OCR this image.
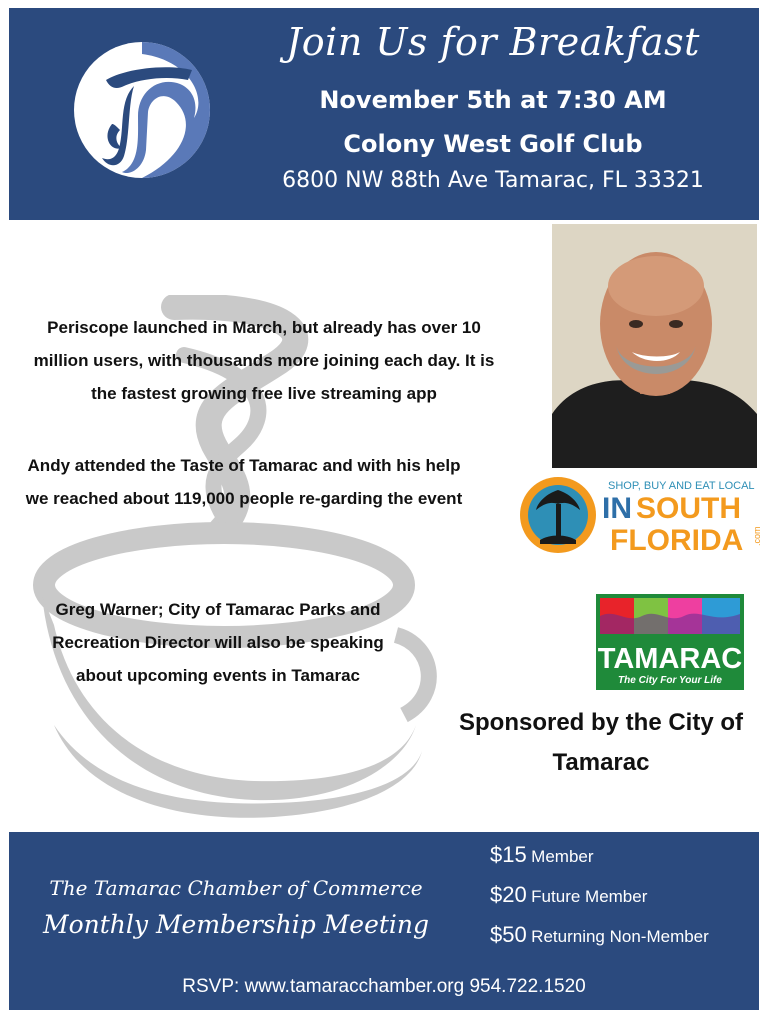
Join Us for Breakfast
November 5th at 7:30 AM
Colony West Golf Club
6800 NW 88th Ave Tamarac, FL 33321
Periscope launched in March, but already has over 10 million users, with thousands more joining each day. It is the fastest growing free live streaming app
Andy attended the Taste of Tamarac and with his help we reached about 119,000 people re-garding the event
Greg Warner; City of Tamarac Parks and Recreation Director will also be speaking about upcoming events in Tamarac
SHOP, BUY AND EAT LOCAL
IN SOUTH
FLORIDA .com
TAMARAC
The City For Your Life
Sponsored by the City of Tamarac
The Tamarac Chamber of Commerce
Monthly Membership Meeting
$15 Member
$20 Future Member
$50 Returning Non-Member
RSVP: www.tamaracchamber.org 954.722.1520
